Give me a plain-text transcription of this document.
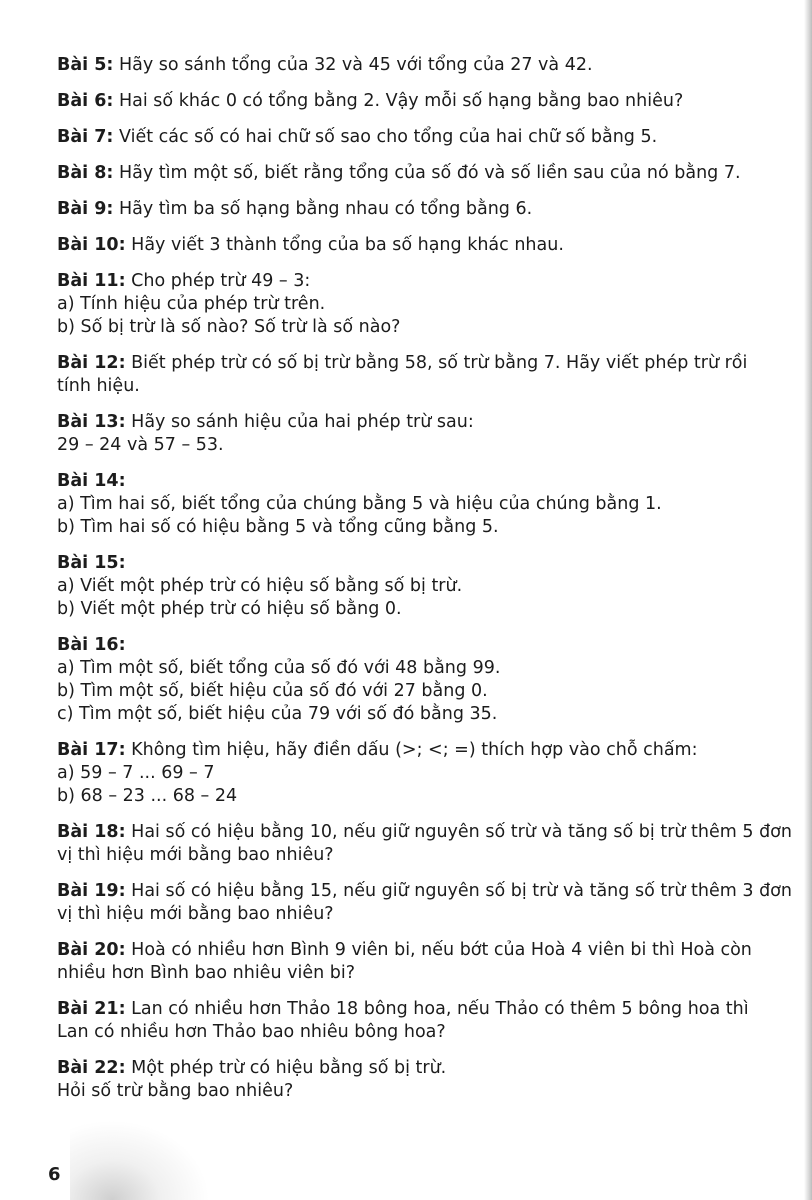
Bài 5: Hãy so sánh tổng của 32 và 45 với tổng của 27 và 42.

Bài 6: Hai số khác 0 có tổng bằng 2. Vậy mỗi số hạng bằng bao nhiêu?

Bài 7: Viết các số có hai chữ số sao cho tổng của hai chữ số bằng 5.

Bài 8: Hãy tìm một số, biết rằng tổng của số đó và số liền sau của nó bằng 7.

Bài 9: Hãy tìm ba số hạng bằng nhau có tổng bằng 6.

Bài 10: Hãy viết 3 thành tổng của ba số hạng khác nhau.

Bài 11: Cho phép trừ 49 – 3:

a) Tính hiệu của phép trừ trên.

b) Số bị trừ là số nào? Số trừ là số nào?

Bài 12: Biết phép trừ có số bị trừ bằng 58, số trừ bằng 7. Hãy viết phép trừ rồi

tính hiệu.

Bài 13: Hãy so sánh hiệu của hai phép trừ sau:

29 – 24 và 57 – 53.

Bài 14:

a) Tìm hai số, biết tổng của chúng bằng 5 và hiệu của chúng bằng 1.

b) Tìm hai số có hiệu bằng 5 và tổng cũng bằng 5.

Bài 15:

a) Viết một phép trừ có hiệu số bằng số bị trừ.

b) Viết một phép trừ có hiệu số bằng 0.

Bài 16:

a) Tìm một số, biết tổng của số đó với 48 bằng 99.

b) Tìm một số, biết hiệu của số đó với 27 bằng 0.

c) Tìm một số, biết hiệu của 79 với số đó bằng 35.

Bài 17: Không tìm hiệu, hãy điền dấu (>; <; =) thích hợp vào chỗ chấm:

a) 59 – 7 ... 69 – 7

b) 68 – 23 ... 68 – 24

Bài 18: Hai số có hiệu bằng 10, nếu giữ nguyên số trừ và tăng số bị trừ thêm 5 đơn

vị thì hiệu mới bằng bao nhiêu?

Bài 19: Hai số có hiệu bằng 15, nếu giữ nguyên số bị trừ và tăng số trừ thêm 3 đơn

vị thì hiệu mới bằng bao nhiêu?

Bài 20: Hoà có nhiều hơn Bình 9 viên bi, nếu bớt của Hoà 4 viên bi thì Hoà còn

nhiều hơn Bình bao nhiêu viên bi?

Bài 21: Lan có nhiều hơn Thảo 18 bông hoa, nếu Thảo có thêm 5 bông hoa thì

Lan có nhiều hơn Thảo bao nhiêu bông hoa?

Bài 22: Một phép trừ có hiệu bằng số bị trừ.

Hỏi số trừ bằng bao nhiêu?

6
